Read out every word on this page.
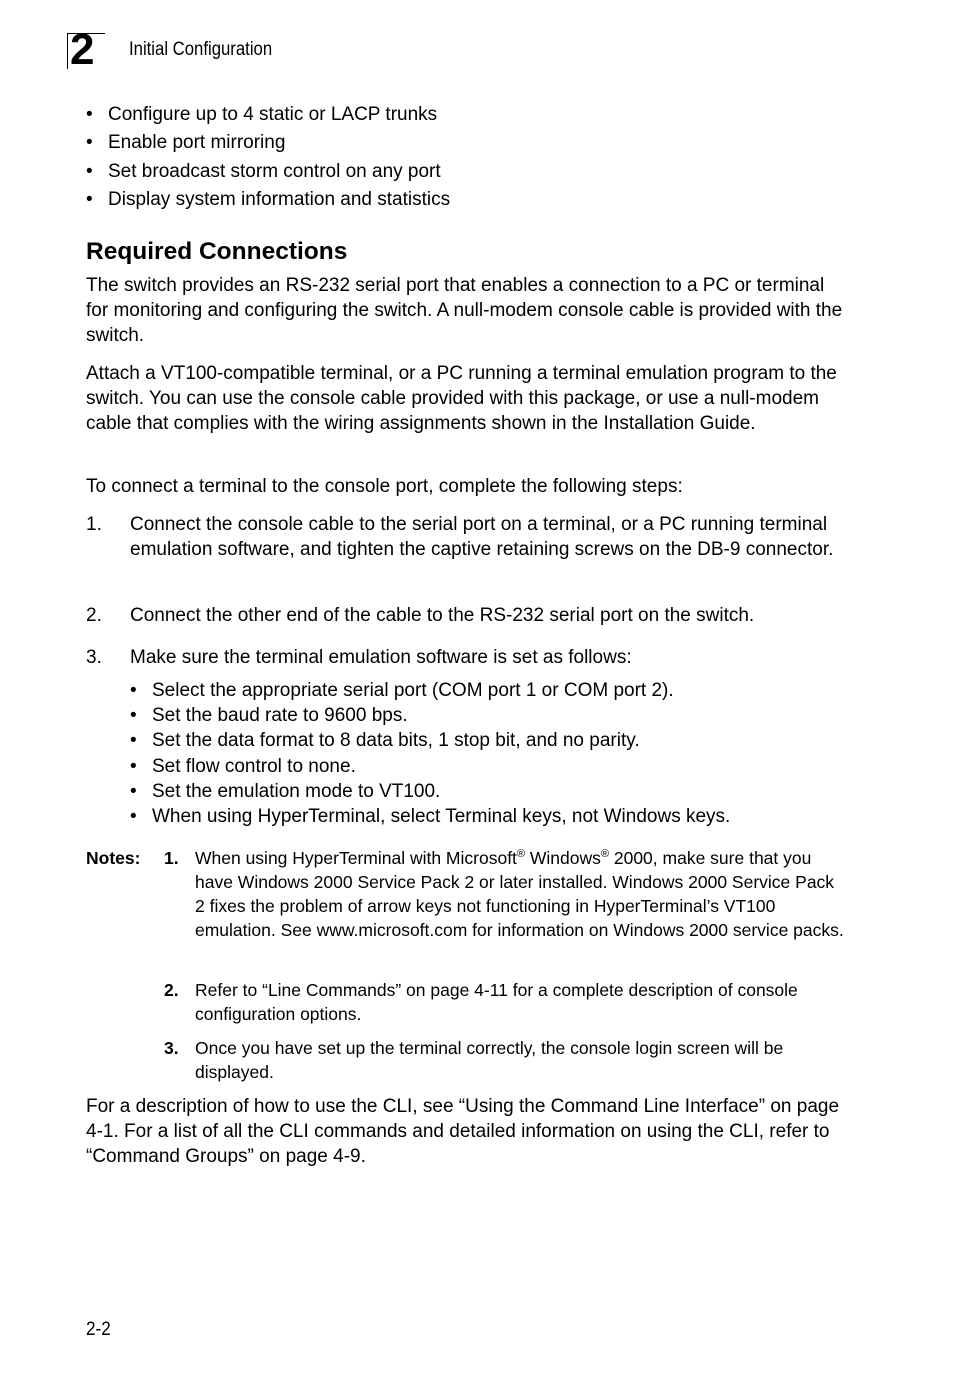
2 Initial Configuration
• Configure up to 4 static or LACP trunks
• Enable port mirroring
• Set broadcast storm control on any port
• Display system information and statistics
Required Connections

The switch provides an RS-232 serial port that enables a connection to a PC or terminal for monitoring and configuring the switch. A null-modem console cable is provided with the switch.

Attach a VT100-compatible terminal, or a PC running a terminal emulation program to the switch. You can use the console cable provided with this package, or use a null-modem cable that complies with the wiring assignments shown in the Installation Guide.

To connect a terminal to the console port, complete the following steps:

1. Connect the console cable to the serial port on a terminal, or a PC running terminal emulation software, and tighten the captive retaining screws on the DB-9 connector.
2. Connect the other end of the cable to the RS-232 serial port on the switch.
3. Make sure the terminal emulation software is set as follows:
• Select the appropriate serial port (COM port 1 or COM port 2).
• Set the baud rate to 9600 bps.
• Set the data format to 8 data bits, 1 stop bit, and no parity.
• Set flow control to none.
• Set the emulation mode to VT100.
• When using HyperTerminal, select Terminal keys, not Windows keys.
Notes: 1. When using HyperTerminal with Microsoft® Windows® 2000, make sure that you have Windows 2000 Service Pack 2 or later installed. Windows 2000 Service Pack 2 fixes the problem of arrow keys not functioning in HyperTerminal’s VT100 emulation. See www.microsoft.com for information on Windows 2000 service packs.
2. Refer to “Line Commands” on page 4-11 for a complete description of console configuration options.
3. Once you have set up the terminal correctly, the console login screen will be displayed.

For a description of how to use the CLI, see “Using the Command Line Interface” on page 4-1. For a list of all the CLI commands and detailed information on using the CLI, refer to “Command Groups” on page 4-9.

2-2
